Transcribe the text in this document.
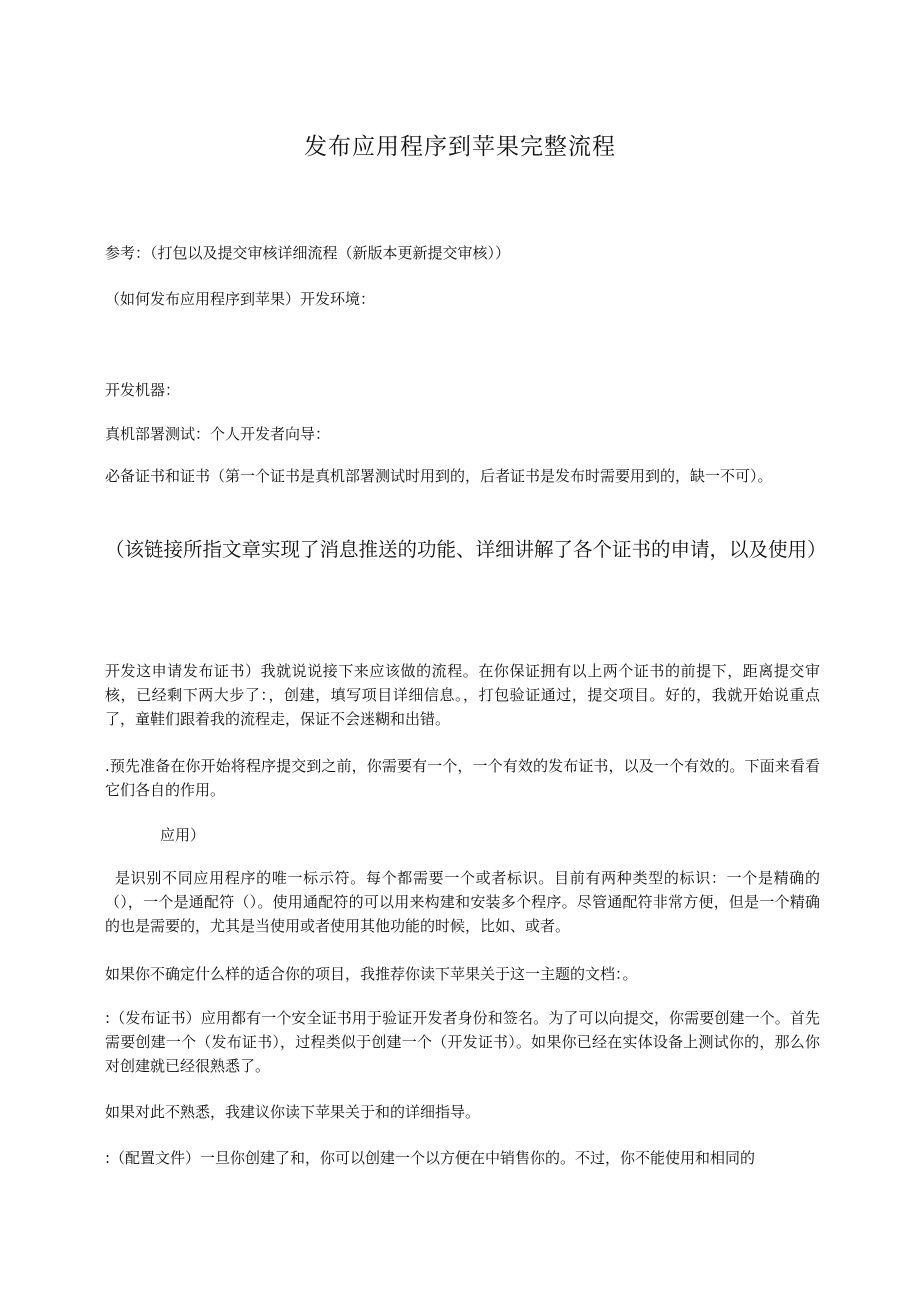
发布应用程序到苹果完整流程
参考：（打包以及提交审核详细流程（新版本更新提交审核））
（如何发布应用程序到苹果）开发环境：
开发机器：
真机部署测试：个人开发者向导：
必备证书和证书（第一个证书是真机部署测试时用到的，后者证书是发布时需要用到的，缺一不可）。
（该链接所指文章实现了消息推送的功能、详细讲解了各个证书的申请，以及使用）
开发这申请发布证书）我就说说接下来应该做的流程。在你保证拥有以上两个证书的前提下，距离提交审核，已经剩下两大步了：，创建，填写项目详细信息。，打包验证通过，提交项目。好的，我就开始说重点了，童鞋们跟着我的流程走，保证不会迷糊和出错。
.预先准备在你开始将程序提交到之前，你需要有一个，一个有效的发布证书，以及一个有效的。下面来看看它们各自的作用。
应用）
是识别不同应用程序的唯一标示符。每个都需要一个或者标识。目前有两种类型的标识：一个是精确的（），一个是通配符（）。使用通配符的可以用来构建和安装多个程序。尽管通配符非常方便，但是一个精确的也是需要的，尤其是当使用或者使用其他功能的时候，比如、或者。
如果你不确定什么样的适合你的项目，我推荐你读下苹果关于这一主题的文档：。
:（发布证书）应用都有一个安全证书用于验证开发者身份和签名。为了可以向提交，你需要创建一个。首先需要创建一个（发布证书），过程类似于创建一个（开发证书）。如果你已经在实体设备上测试你的，那么你对创建就已经很熟悉了。
如果对此不熟悉，我建议你读下苹果关于和的详细指导。
:（配置文件）一旦你创建了和，你可以创建一个以方便在中销售你的。不过，你不能使用和相同的
